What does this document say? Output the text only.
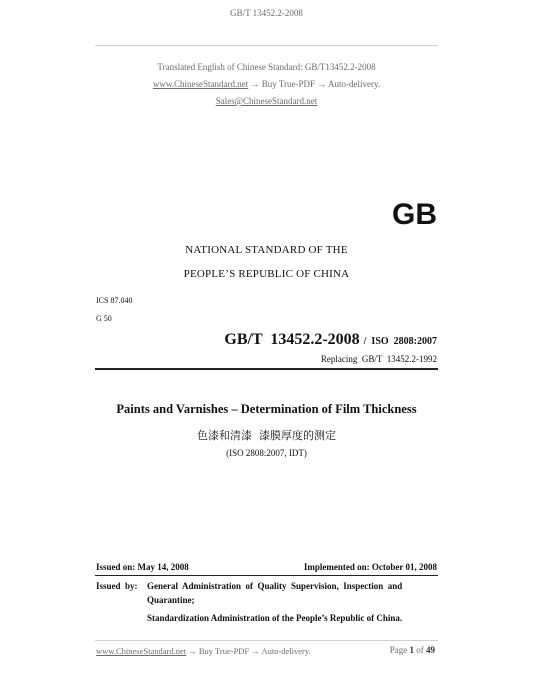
GB/T 13452.2-2008
Translated English of Chinese Standard: GB/T13452.2-2008
www.ChineseStandard.net → Buy True-PDF → Auto-delivery.
Sales@ChineseStandard.net
GB
NATIONAL STANDARD OF THE
PEOPLE’S REPUBLIC OF CHINA
ICS 87.040
G 50
GB/T  13452.2-2008 /  ISO  2808:2007
Replacing  GB/T  13452.2-1992
Paints and Varnishes – Determination of Film Thickness
色漆和清漆  漆膜厚度的测定
(ISO 2808:2007, IDT)
Issued on: May 14, 2008	Implemented on: October 01, 2008
Issued  by: General  Administration  of  Quality  Supervision,  Inspection  and
Quarantine;
Standardization Administration of the People’s Republic of China.
www.ChineseStandard.net → Buy True-PDF → Auto-delivery.	Page 1 of 49
